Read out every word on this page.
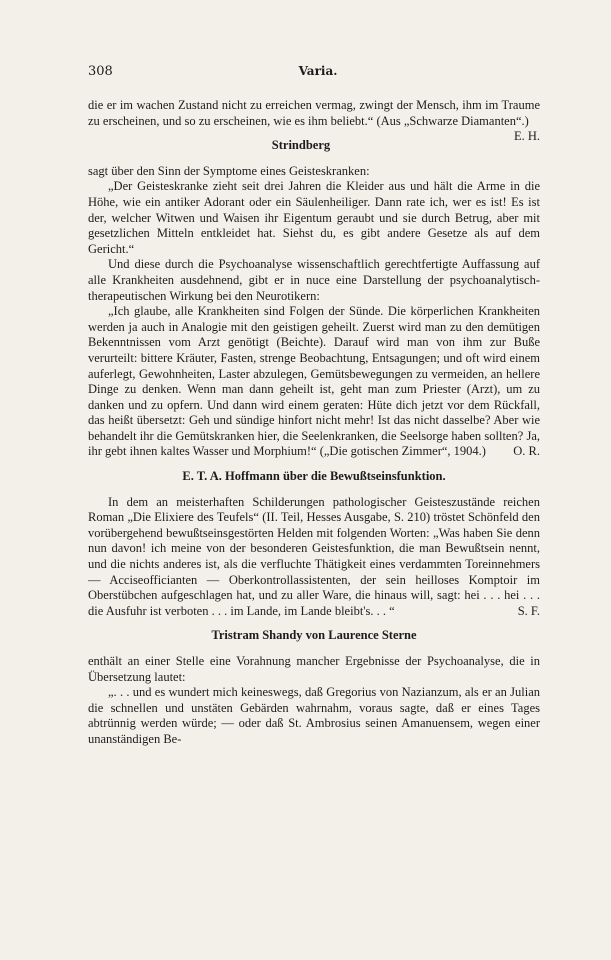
308	Varia.

die er im wachen Zustand nicht zu erreichen vermag, zwingt der Mensch, ihm im Traume zu erscheinen, und so zu erscheinen, wie es ihm beliebt.“ (Aus „Schwarze Diamanten“.)
E. H.

Strindberg

sagt über den Sinn der Symptome eines Geisteskranken:

„Der Geisteskranke zieht seit drei Jahren die Kleider aus und hält die Arme in die Höhe, wie ein antiker Adorant oder ein Säulenheiliger. Dann rate ich, wer es ist! Es ist der, welcher Witwen und Waisen ihr Eigentum geraubt und sie durch Betrug, aber mit gesetzlichen Mitteln entkleidet hat. Siehst du, es gibt andere Gesetze als auf dem Gericht.“

Und diese durch die Psychoanalyse wissenschaftlich gerechtfertigte Auffassung auf alle Krankheiten ausdehnend, gibt er in nuce eine Darstellung der psychoanalytisch-therapeutischen Wirkung bei den Neurotikern:

„Ich glaube, alle Krankheiten sind Folgen der Sünde. Die körperlichen Krankheiten werden ja auch in Analogie mit den geistigen geheilt. Zuerst wird man zu den demütigen Bekenntnissen vom Arzt genötigt (Beichte). Darauf wird man von ihm zur Buße verurteilt: bittere Kräuter, Fasten, strenge Beobachtung, Entsagungen; und oft wird einem auferlegt, Gewohnheiten, Laster abzulegen, Gemütsbewegungen zu vermeiden, an hellere Dinge zu denken. Wenn man dann geheilt ist, geht man zum Priester (Arzt), um zu danken und zu opfern. Und dann wird einem geraten: Hüte dich jetzt vor dem Rückfall, das heißt übersetzt: Geh und sündige hinfort nicht mehr! Ist das nicht dasselbe? Aber wie behandelt ihr die Gemütskranken hier, die Seelenkranken, die Seelsorge haben sollten? Ja, ihr gebt ihnen kaltes Wasser und Morphium!“ („Die gotischen Zimmer“, 1904.)	O. R.

E. T. A. Hoffmann über die Bewußtseinsfunktion.

In dem an meisterhaften Schilderungen pathologischer Geisteszustände reichen Roman „Die Elixiere des Teufels“ (II. Teil, Hesses Ausgabe, S. 210) tröstet Schönfeld den vorübergehend bewußtseinsgestörten Helden mit folgenden Worten: „Was haben Sie denn nun davon! ich meine von der besonderen Geistesfunktion, die man Bewußtsein nennt, und die nichts anderes ist, als die verfluchte Thätigkeit eines verdammten Toreinnehmers — Acciseofficianten — Oberkontrollassistenten, der sein heilloses Komptoir im Oberstübchen aufgeschlagen hat, und zu aller Ware, die hinaus will, sagt: hei . . . hei . . . die Ausfuhr ist verboten . . . im Lande, im Lande bleibt's. . . “	S. F.

Tristram Shandy von Laurence Sterne

enthält an einer Stelle eine Vorahnung mancher Ergebnisse der Psychoanalyse, die in Übersetzung lautet:

„. . . und es wundert mich keineswegs, daß Gregorius von Nazianzum, als er an Julian die schnellen und unstäten Gebärden wahrnahm, voraus sagte, daß er eines Tages abtrünnig werden würde; — oder daß St. Ambrosius seinen Amanuensem, wegen einer unanständigen Be-
